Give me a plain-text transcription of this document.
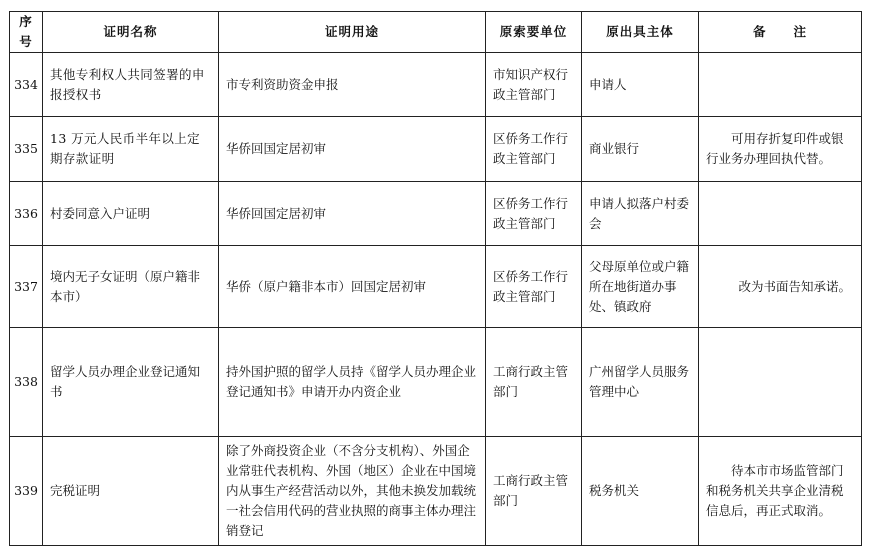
序号	证明名称	证明用途	原索要单位	原出具主体	备　　注
334	其他专利权人共同签署的申报授权书	市专利资助资金申报	市知识产权行政主管部门	申请人	
335	13 万元人民币半年以上定期存款证明	华侨回国定居初审	区侨务工作行政主管部门	商业银行	可用存折复印件或银行业务办理回执代替。
336	村委同意入户证明	华侨回国定居初审	区侨务工作行政主管部门	申请人拟落户村委会	
337	境内无子女证明（原户籍非本市）	华侨（原户籍非本市）回国定居初审	区侨务工作行政主管部门	父母原单位或户籍所在地街道办事处、镇政府	改为书面告知承诺。
338	留学人员办理企业登记通知书	持外国护照的留学人员持《留学人员办理企业登记通知书》申请开办内资企业	工商行政主管部门	广州留学人员服务管理中心	
339	完税证明	除了外商投资企业（不含分支机构）、外国企业常驻代表机构、外国（地区）企业在中国境内从事生产经营活动以外，其他未换发加载统一社会信用代码的营业执照的商事主体办理注销登记	工商行政主管部门	税务机关	待本市市场监管部门和税务机关共享企业清税信息后，再正式取消。
